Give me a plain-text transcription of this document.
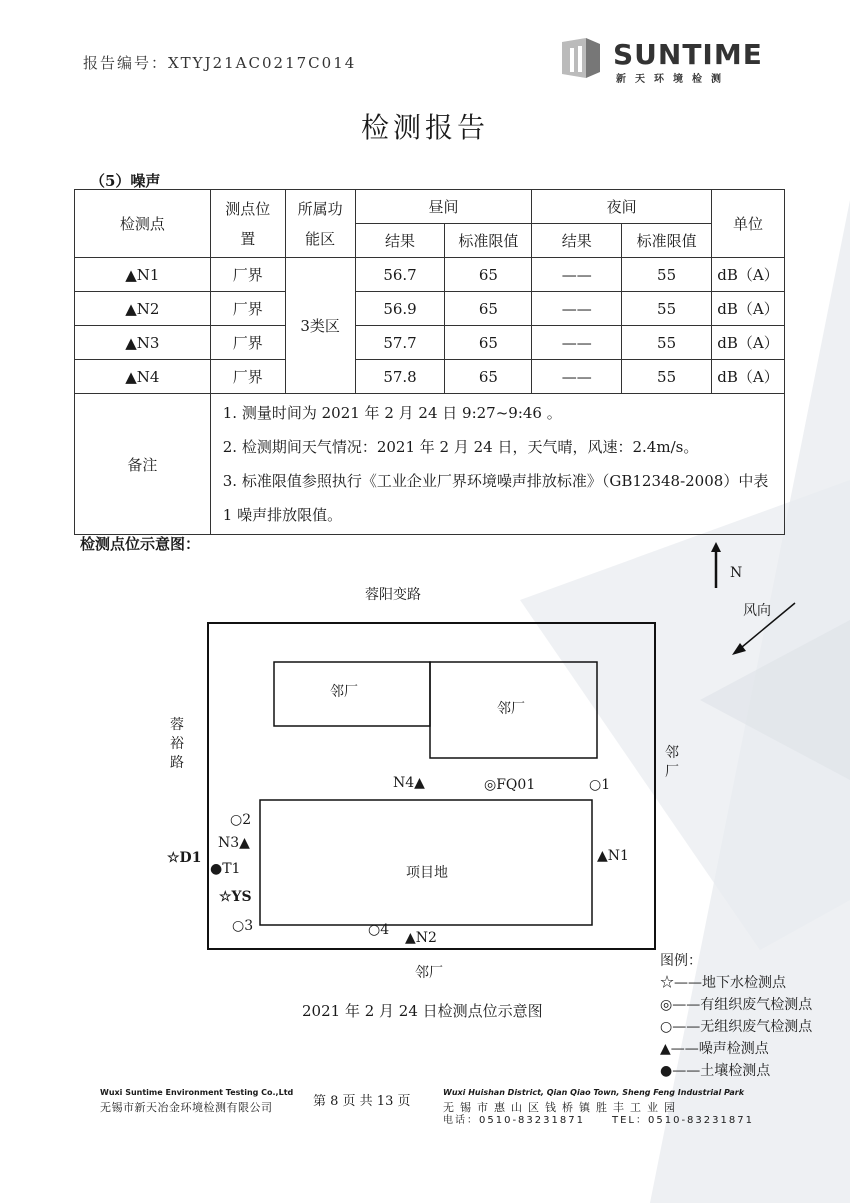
报告编号：XTYJ21AC0217C014	SUNTIME
新天环境检测
检测报告
（5）噪声
检测点	测点位置	所属功能区	昼间		夜间		单位
			结果	标准限值	结果	标准限值	
▲N1	厂界	3类区	56.7	65	——	55	dB（A）
▲N2	厂界		56.9	65	——	55	dB（A）
▲N3	厂界		57.7	65	——	55	dB（A）
▲N4	厂界		57.8	65	——	55	dB（A）
备注	1. 测量时间为 2021 年 2 月 24 日 9:27~9:46 。
2. 检测期间天气情况：2021 年 2 月 24 日，天气晴，风速：2.4m/s。
3. 标准限值参照执行《工业企业厂界环境噪声排放标准》（GB12348-2008）中表 1 噪声排放限值。						
检测点位示意图：
N
风向
蓉阳变路
蓉裕路
邻厂
邻厂
邻厂
邻厂
项目地
N4▲	◎FQ01	○1
○2
N3▲
☆D1
●T1
☆YS
○3
▲N1
○4 ▲N2
2021 年 2 月 24 日检测点位示意图
图例：
☆——地下水检测点
◎——有组织废气检测点
○——无组织废气检测点
▲——噪声检测点
●——土壤检测点
Wuxi Suntime Environment Testing Co.,Ltd
无锡市新天冶金环境检测有限公司	第 8 页 共 13 页
Wuxi Huishan District, Qian Qiao Town, Sheng Feng Industrial Park
无锡市惠山区钱桥镇胜丰工业园
电话：0510-83231871	TEL：0510-83231871
